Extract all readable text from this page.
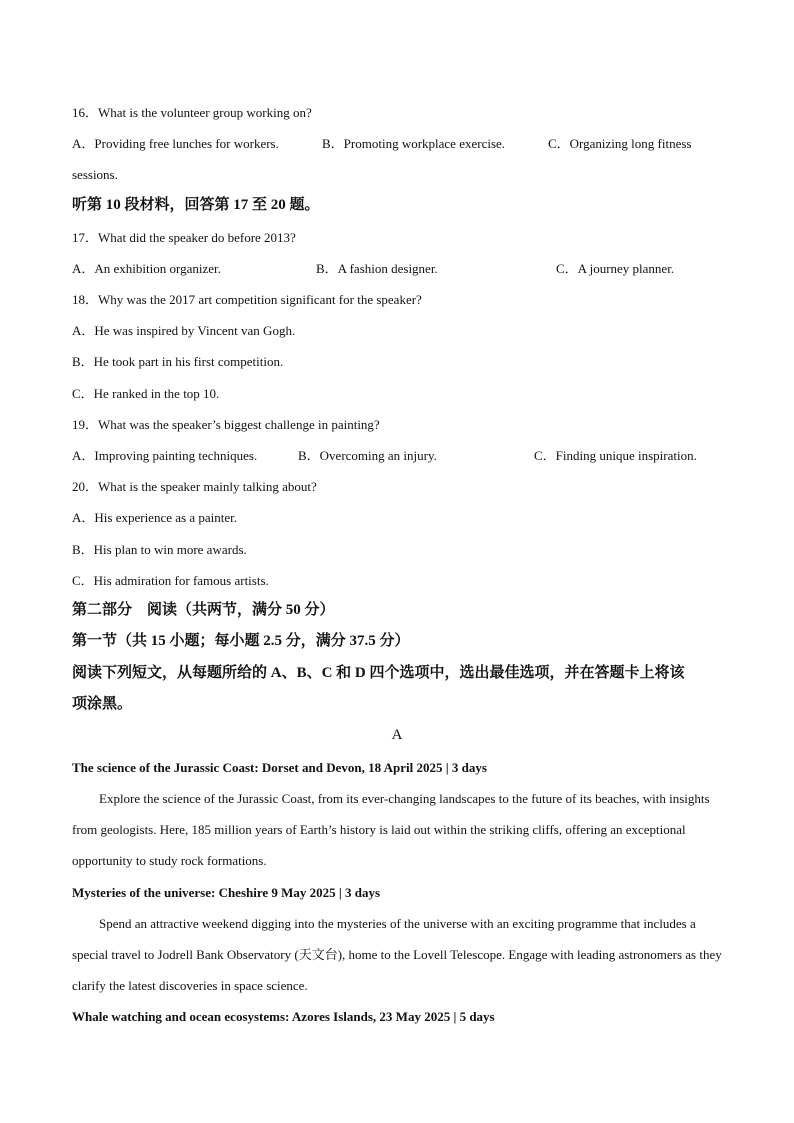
16．What is the volunteer group working on?
A．Providing free lunches for workers.	B．Promoting workplace exercise.	C．Organizing long fitness
sessions.
听第 10 段材料，回答第 17 至 20 题。
17．What did the speaker do before 2013?
A．An exhibition organizer.	B．A fashion designer.	C．A journey planner.
18．Why was the 2017 art competition significant for the speaker?
A．He was inspired by Vincent van Gogh.
B．He took part in his first competition.
C．He ranked in the top 10.
19．What was the speaker’s biggest challenge in painting?
A．Improving painting techniques.	B．Overcoming an injury.	C．Finding unique inspiration.
20．What is the speaker mainly talking about?
A．His experience as a painter.
B．His plan to win more awards.
C．His admiration for famous artists.
第二部分　阅读（共两节，满分 50 分）
第一节（共 15 小题；每小题 2.5 分，满分 37.5 分）
阅读下列短文，从每题所给的 A、B、C 和 D 四个选项中，选出最佳选项，并在答题卡上将该
项涂黑。
A
The science of the Jurassic Coast: Dorset and Devon, 18 April 2025 | 3 days
Explore the science of the Jurassic Coast, from its ever-changing landscapes to the future of its beaches, with insights from geologists. Here, 185 million years of Earth’s history is laid out within the striking cliffs, offering an exceptional opportunity to study rock formations.
Mysteries of the universe: Cheshire 9 May 2025 | 3 days
Spend an attractive weekend digging into the mysteries of the universe with an exciting programme that includes a special travel to Jodrell Bank Observatory (天文台), home to the Lovell Telescope. Engage with leading astronomers as they clarify the latest discoveries in space science.
Whale watching and ocean ecosystems: Azores Islands, 23 May 2025 | 5 days
